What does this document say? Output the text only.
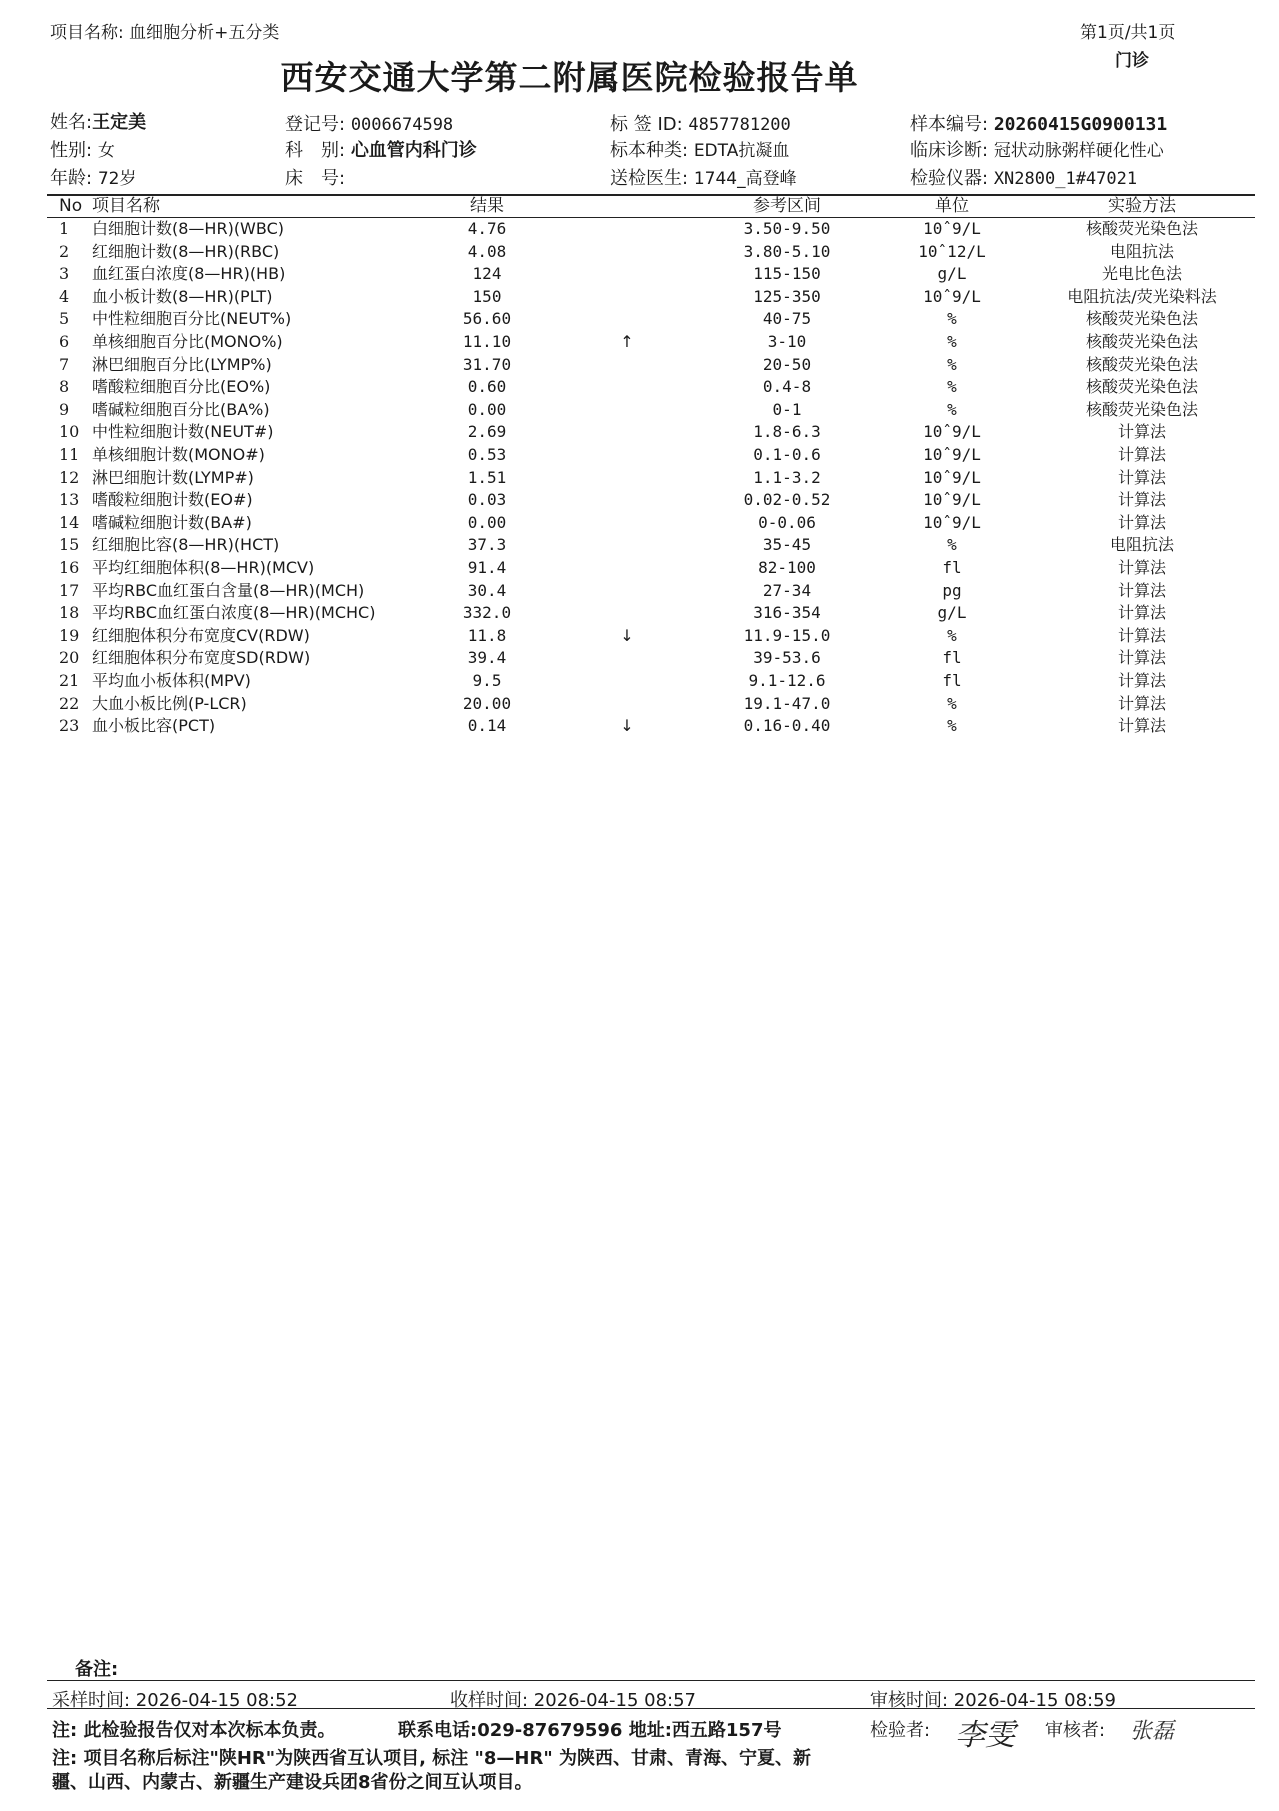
项目名称: 血细胞分析+五分类	第1页/共1页
门诊
西安交通大学第二附属医院检验报告单
姓名:王定美
性别: 女
年龄: 72岁
登记号: 0006674598
科　别: 心血管内科门诊
床　号:
标 签 ID: 4857781200
标本种类: EDTA抗凝血
送检医生: 1744_高登峰
样本编号: 20260415G0900131
临床诊断: 冠状动脉粥样硬化性心
检验仪器: XN2800_1#47021
No 项目名称	结果	参考区间	单位	实验方法
1 白细胞计数(8—HR)(WBC)	4.76	3.50-9.50	10ˆ9/L	核酸荧光染色法
2 红细胞计数(8—HR)(RBC)	4.08	3.80-5.10	10ˆ12/L	电阻抗法
3 血红蛋白浓度(8—HR)(HB)	124	115-150	g/L	光电比色法
4 血小板计数(8—HR)(PLT)	150	125-350	10ˆ9/L	电阻抗法/荧光染料法
5 中性粒细胞百分比(NEUT%)	56.60	40-75	%	核酸荧光染色法
6 单核细胞百分比(MONO%)	11.10	↑	3-10	%	核酸荧光染色法
7 淋巴细胞百分比(LYMP%)	31.70	20-50	%	核酸荧光染色法
8 嗜酸粒细胞百分比(EO%)	0.60	0.4-8	%	核酸荧光染色法
9 嗜碱粒细胞百分比(BA%)	0.00	0-1	%	核酸荧光染色法
10 中性粒细胞计数(NEUT#)	2.69	1.8-6.3	10ˆ9/L	计算法
11 单核细胞计数(MONO#)	0.53	0.1-0.6	10ˆ9/L	计算法
12 淋巴细胞计数(LYMP#)	1.51	1.1-3.2	10ˆ9/L	计算法
13 嗜酸粒细胞计数(EO#)	0.03	0.02-0.52	10ˆ9/L	计算法
14 嗜碱粒细胞计数(BA#)	0.00	0-0.06	10ˆ9/L	计算法
15 红细胞比容(8—HR)(HCT)	37.3	35-45	%	电阻抗法
16 平均红细胞体积(8—HR)(MCV)	91.4	82-100	fl	计算法
17 平均RBC血红蛋白含量(8—HR)(MCH)	30.4	27-34	pg	计算法
18 平均RBC血红蛋白浓度(8—HR)(MCHC)	332.0	316-354	g/L	计算法
19 红细胞体积分布宽度CV(RDW)	11.8	↓	11.9-15.0	%	计算法
20 红细胞体积分布宽度SD(RDW)	39.4	39-53.6	fl	计算法
21 平均血小板体积(MPV)	9.5	9.1-12.6	fl	计算法
22 大血小板比例(P-LCR)	20.00	19.1-47.0	%	计算法
23 血小板比容(PCT)	0.14	↓	0.16-0.40	%	计算法
备注:
采样时间: 2026-04-15 08:52	收样时间: 2026-04-15 08:57	审核时间: 2026-04-15 08:59
注: 此检验报告仅对本次标本负责。	联系电话:029-87679596 地址:西五路157号	检验者: 李雯 审核者: 张磊
注: 项目名称后标注"陕HR"为陕西省互认项目, 标注 "8—HR" 为陕西、甘肃、青海、宁夏、新
疆、山西、内蒙古、新疆生产建设兵团8省份之间互认项目。
